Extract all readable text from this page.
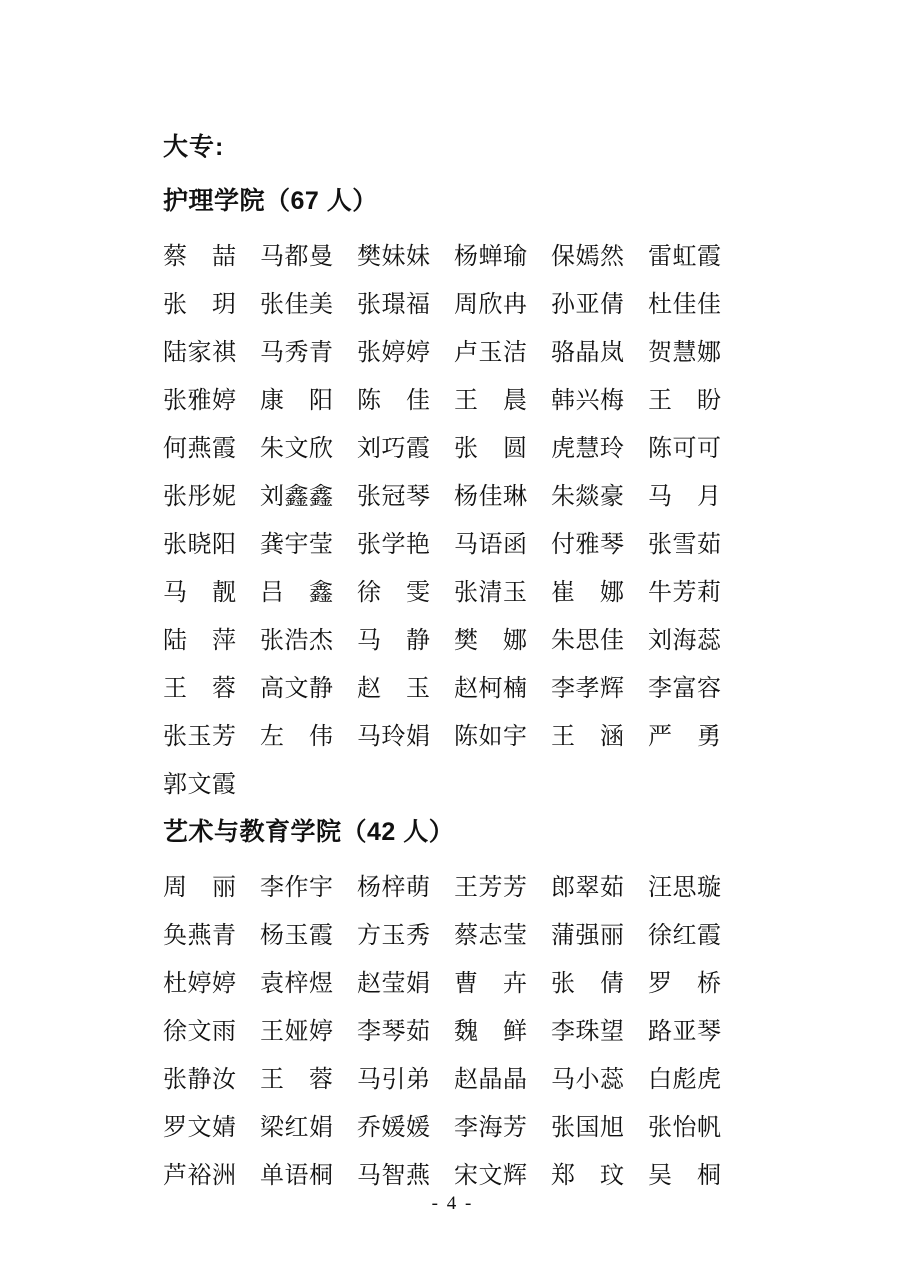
大专:
护理学院（67 人）
蔡　喆 马都曼 樊妹妹 杨蝉瑜 保嫣然 雷虹霞
张　玥 张佳美 张璟福 周欣冉 孙亚倩 杜佳佳
陆家祺 马秀青 张婷婷 卢玉洁 骆晶岚 贺慧娜
张雅婷 康　阳 陈　佳 王　晨 韩兴梅 王　盼
何燕霞 朱文欣 刘巧霞 张　圆 虎慧玲 陈可可
张彤妮 刘鑫鑫 张冠琴 杨佳琳 朱燚豪 马　月
张晓阳 龚宇莹 张学艳 马语函 付雅琴 张雪茹
马　靓 吕　鑫 徐　雯 张清玉 崔　娜 牛芳莉
陆　萍 张浩杰 马　静 樊　娜 朱思佳 刘海蕊
王　蓉 高文静 赵　玉 赵柯楠 李孝辉 李富容
张玉芳 左　伟 马玲娟 陈如宇 王　涵 严　勇
郭文霞
艺术与教育学院（42 人）
周　丽 李作宇 杨梓萌 王芳芳 郎翠茹 汪思璇
奂燕青 杨玉霞 方玉秀 蔡志莹 蒲强丽 徐红霞
杜婷婷 袁梓煜 赵莹娟 曹　卉 张　倩 罗　桥
徐文雨 王娅婷 李琴茹 魏　鲜 李珠望 路亚琴
张静汝 王　蓉 马引弟 赵晶晶 马小蕊 白彪虎
罗文婧 梁红娟 乔媛媛 李海芳 张国旭 张怡帆
芦裕洲 单语桐 马智燕 宋文辉 郑　玟 吴　桐
- 4 -
